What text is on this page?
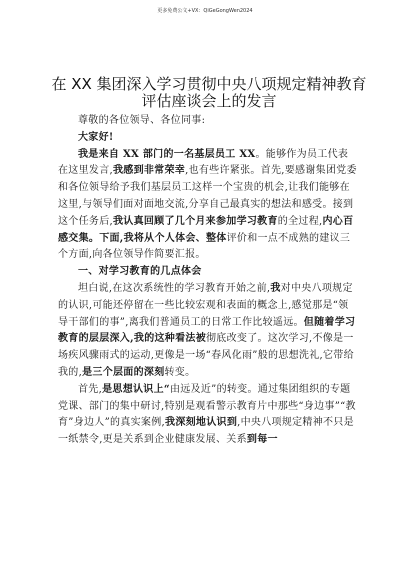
更多免费公文+VX：QiGeGongWen2024
在 XX 集团深入学习贯彻中央八项规定精神教育评估座谈会上的发言

尊敬的各位领导、各位同事:

大家好!

我是来自 XX 部门的一名基层员工 XX。能够作为员工代表在这里发言,我感到非常荣幸,也有些许紧张。首先,要感谢集团党委和各位领导给予我们基层员工这样一个宝贵的机会,让我们能够在这里,与领导们面对面地交流,分享自己最真实的想法和感受。接到这个任务后,我认真回顾了几个月来参加学习教育的全过程,内心百感交集。下面,我将从个人体会、整体评价和一点不成熟的建议三个方面,向各位领导作简要汇报。

一、对学习教育的几点体会

坦白说,在这次系统性的学习教育开始之前,我对中央八项规定的认识,可能还停留在一些比较宏观和表面的概念上,感觉那是“领导干部们的事”,离我们普通员工的日常工作比较遥远。但随着学习教育的层层深入,我的这种看法被彻底改变了。这次学习,不像是一场疾风骤雨式的运动,更像是一场“春风化雨”般的思想洗礼,它带给我的,是三个层面的深刻转变。

首先,是思想认识上“由远及近”的转变。通过集团组织的专题党课、部门的集中研讨,特别是观看警示教育片中那些“身边事”“教育”身边人”的真实案例,我深刻地认识到,中央八项规定精神不只是一纸禁令,更是关系到企业健康发展、关系到每一
